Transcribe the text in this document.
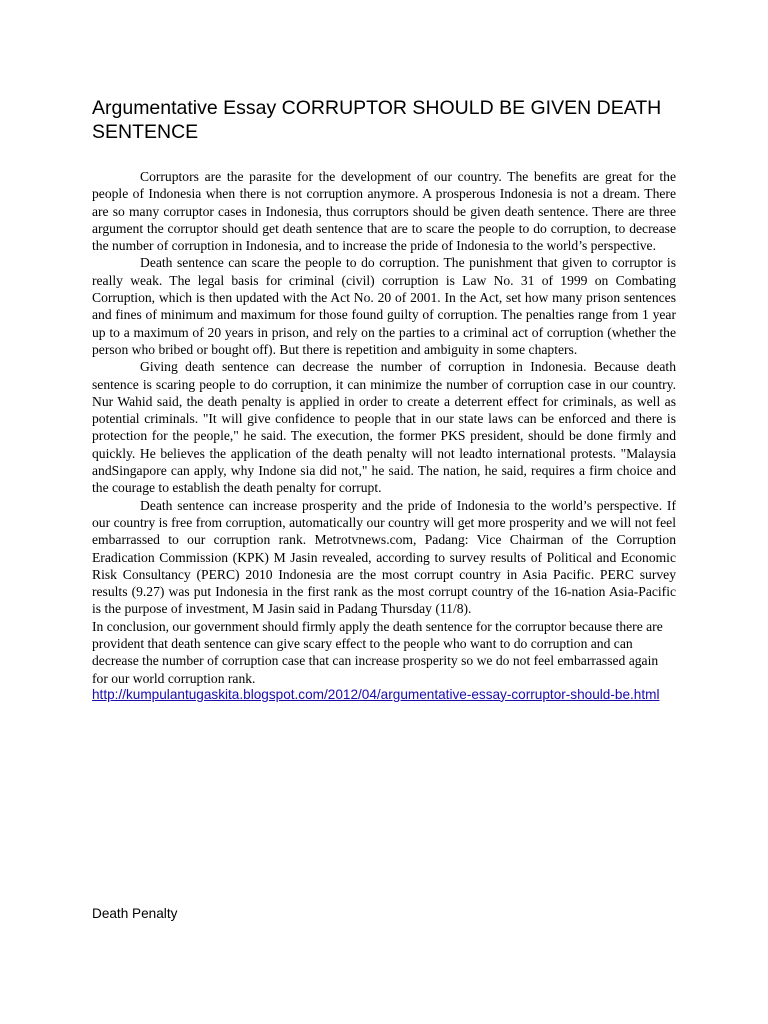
Argumentative Essay CORRUPTOR SHOULD BE GIVEN DEATH SENTENCE

Corruptors are the parasite for the development of our country. The benefits are great for the people of Indonesia when there is not corruption anymore. A prosperous Indonesia is not a dream. There are so many corruptor cases in Indonesia, thus corruptors should be given death sentence. There are three argument the corruptor should get death sentence that are to scare the people to do corruption, to decrease the number of corruption in Indonesia, and to increase the pride of Indonesia to the world’s perspective.

Death sentence can scare the people to do corruption. The punishment that given to corruptor is really weak. The legal basis for criminal (civil) corruption is Law No. 31 of 1999 on Combating Corruption, which is then updated with the Act No. 20 of 2001. In the Act, set how many prison sentences and fines of minimum and maximum for those found guilty of corruption. The penalties range from 1 year up to a maximum of 20 years in prison, and rely on the parties to a criminal act of corruption (whether the person who bribed or bought off). But there is repetition and ambiguity in some chapters.

Giving death sentence can decrease the number of corruption in Indonesia. Because death sentence is scaring people to do corruption, it can minimize the number of corruption case in our country. Nur Wahid said, the death penalty is applied in order to create a deterrent effect for criminals, as well as potential criminals. "It will give confidence to people that in our state laws can be enforced and there is protection for the people," he said. The execution, the former PKS president, should be done firmly and quickly. He believes the application of the death penalty will not leadto international protests. "Malaysia andSingapore can apply, why Indone sia did not," he said. The nation, he said, requires a firm choice and the courage to establish the death penalty for corrupt.

Death sentence can increase prosperity and the pride of Indonesia to the world’s perspective. If our country is free from corruption, automatically our country will get more prosperity and we will not feel embarrassed to our corruption rank. Metrotvnews.com, Padang: Vice Chairman of the Corruption Eradication Commission (KPK) M Jasin revealed, according to survey results of Political and Economic Risk Consultancy (PERC) 2010 Indonesia are the most corrupt country in Asia Pacific. PERC survey results (9.27) was put Indonesia in the first rank as the most corrupt country of the 16-nation Asia-Pacific is the purpose of investment, M Jasin said in Padang Thursday (11/8).

In conclusion, our government should firmly apply the death sentence for the corruptor because there are provident that death sentence can give scary effect to the people who want to do corruption and can decrease the number of corruption case that can increase prosperity so we do not feel embarrassed again for our world corruption rank.

http://kumpulantugaskita.blogspot.com/2012/04/argumentative-essay-corruptor-should-be.html
Death Penalty
